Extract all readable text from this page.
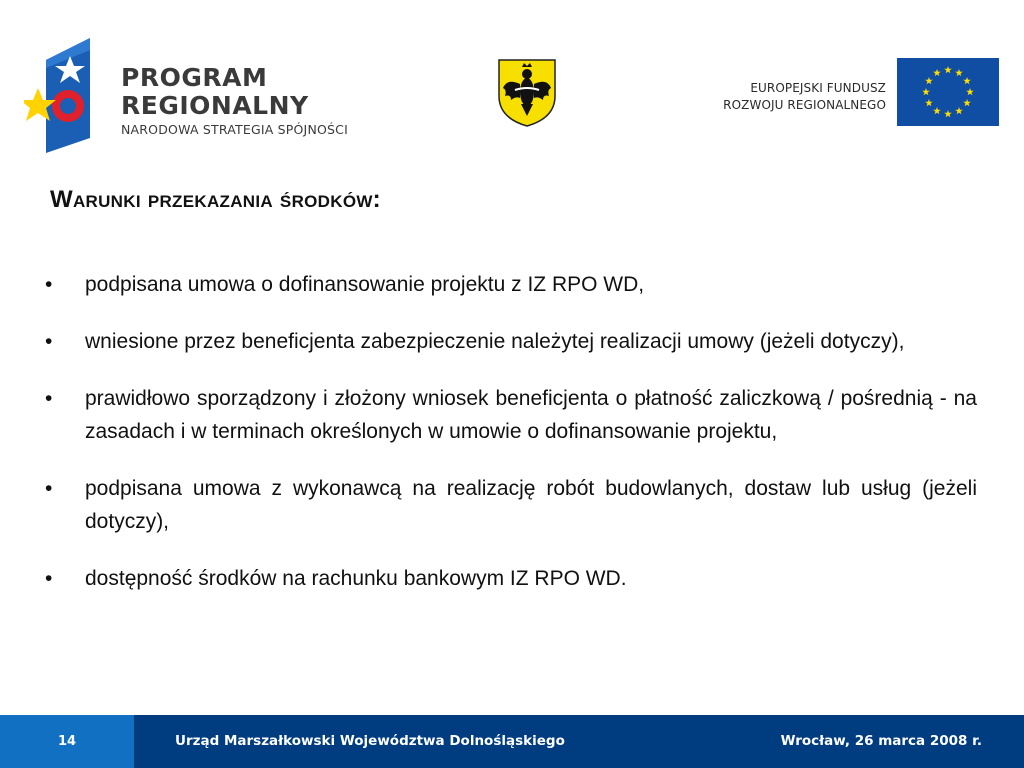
PROGRAM
REGIONALNY
NARODOWA STRATEGIA SPÓJNOŚCI
EUROPEJSKI FUNDUSZ
ROZWOJU REGIONALNEGO
Warunki przekazania środków:
•	podpisana umowa o dofinansowanie projektu z IZ RPO WD,
•	wniesione przez beneficjenta zabezpieczenie należytej realizacji umowy (jeżeli dotyczy),
•	prawidłowo sporządzony i złożony wniosek beneficjenta o płatność zaliczkową / pośrednią - na zasadach i w terminach określonych w umowie o dofinansowanie projektu,
•	podpisana umowa z wykonawcą na realizację robót budowlanych, dostaw lub usług (jeżeli dotyczy),
•	dostępność środków na rachunku bankowym IZ RPO WD.
14	Urząd Marszałkowski Województwa Dolnośląskiego	Wrocław, 26 marca 2008 r.
